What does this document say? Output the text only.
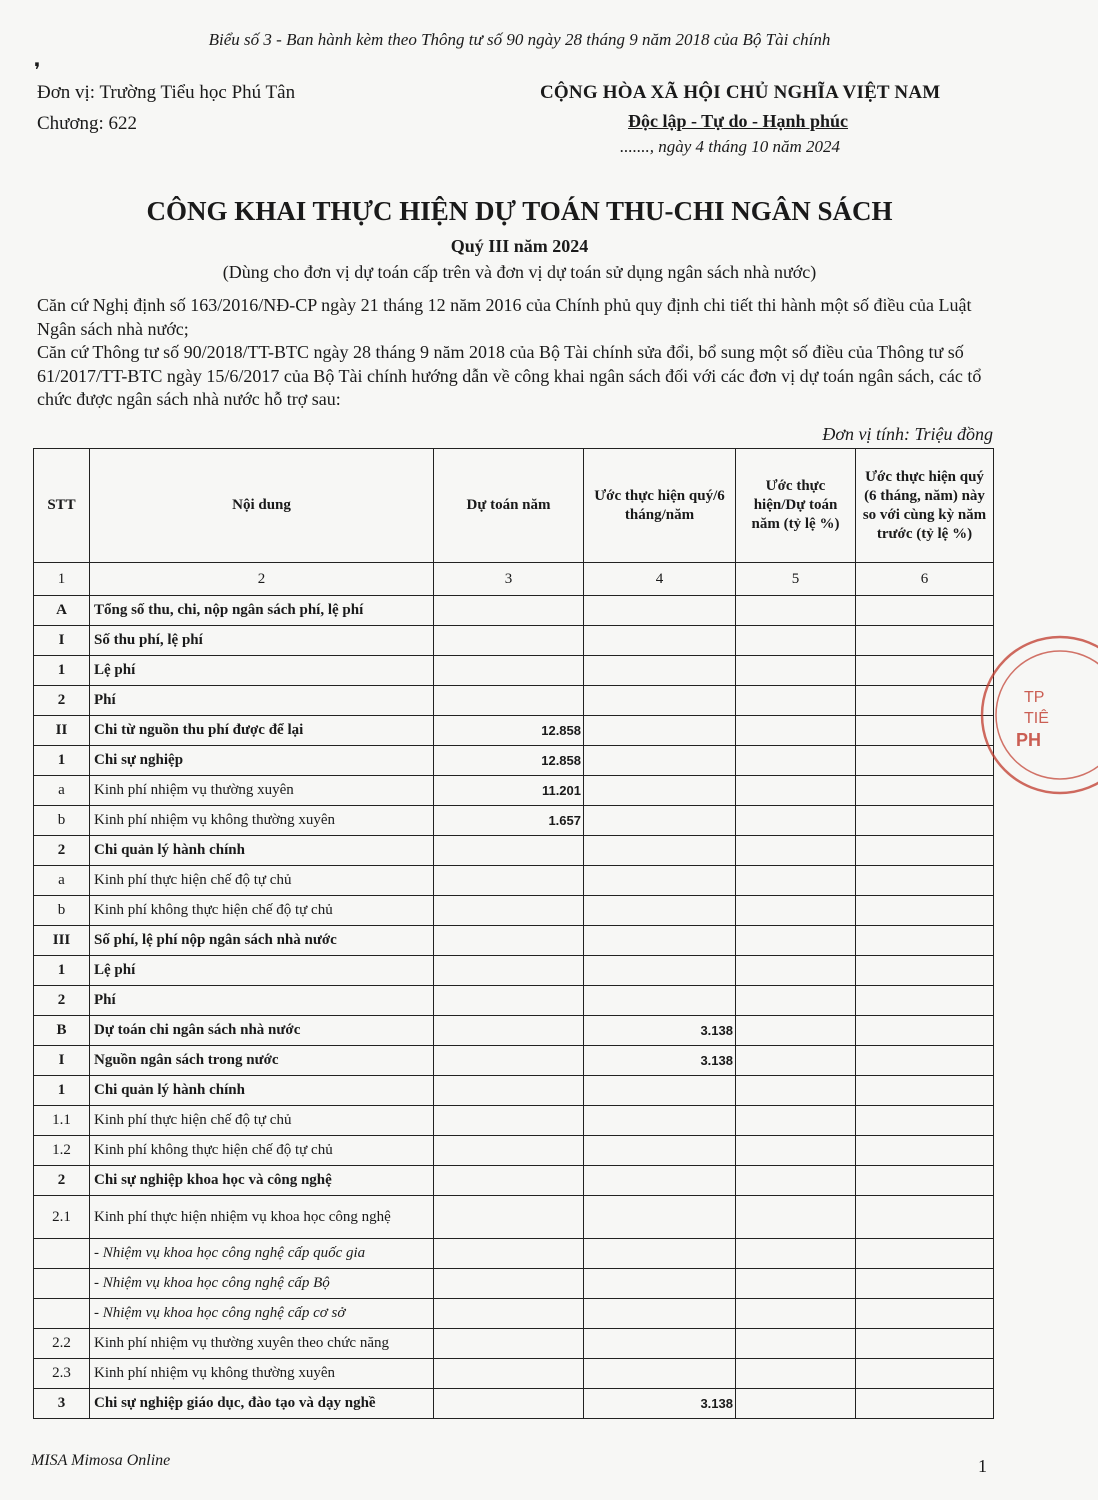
Biểu số 3 - Ban hành kèm theo Thông tư số 90 ngày 28 tháng 9 năm 2018 của Bộ Tài chính
❜
Đơn vị: Trường Tiểu học Phú Tân
Chương: 622
CỘNG HÒA XÃ HỘI CHỦ NGHĨA VIỆT NAM
Độc lập - Tự do - Hạnh phúc
......., ngày 4 tháng 10 năm 2024
CÔNG KHAI THỰC HIỆN DỰ TOÁN THU-CHI NGÂN SÁCH
Quý III năm 2024
(Dùng cho đơn vị dự toán cấp trên và đơn vị dự toán sử dụng ngân sách nhà nước)

Căn cứ Nghị định số 163/2016/NĐ-CP ngày 21 tháng 12 năm 2016 của Chính phủ quy định chi tiết thi hành một số điều của Luật Ngân sách nhà nước;

Căn cứ Thông tư số 90/2018/TT-BTC ngày 28 tháng 9 năm 2018 của Bộ Tài chính sửa đổi, bổ sung một số điều của Thông tư số 61/2017/TT-BTC ngày 15/6/2017 của Bộ Tài chính hướng dẫn về công khai ngân sách đối với các đơn vị dự toán ngân sách, các tổ chức được ngân sách nhà nước hỗ trợ sau:

Đơn vị tính: Triệu đồng
STT	Nội dung	Dự toán năm	Ước thực hiện quý/6 tháng/năm	Ước thực hiện/Dự toán năm (tỷ lệ %)	Ước thực hiện quý (6 tháng, năm) này so với cùng kỳ năm trước (tỷ lệ %)
1	2	3	4	5	6
A	Tổng số thu, chi, nộp ngân sách phí, lệ phí				
I	Số thu phí, lệ phí				
1	Lệ phí				
2	Phí				
II	Chi từ nguồn thu phí được để lại	12.858			
1	Chi sự nghiệp	12.858			
a	Kinh phí nhiệm vụ thường xuyên	11.201			
b	Kinh phí nhiệm vụ không thường xuyên	1.657			
2	Chi quản lý hành chính				
a	Kinh phí thực hiện chế độ tự chủ				
b	Kinh phí không thực hiện chế độ tự chủ				
III	Số phí, lệ phí nộp ngân sách nhà nước				
1	Lệ phí				
2	Phí				
B	Dự toán chi ngân sách nhà nước		3.138		
I	Nguồn ngân sách trong nước		3.138		
1	Chi quản lý hành chính				
1.1	Kinh phí thực hiện chế độ tự chủ				
1.2	Kinh phí không thực hiện chế độ tự chủ				
2	Chi sự nghiệp khoa học và công nghệ				
2.1	Kinh phí thực hiện nhiệm vụ khoa học công nghệ				
	- Nhiệm vụ khoa học công nghệ cấp quốc gia				
	- Nhiệm vụ khoa học công nghệ cấp Bộ				
	- Nhiệm vụ khoa học công nghệ cấp cơ sở				
2.2	Kinh phí nhiệm vụ thường xuyên theo chức năng				
2.3	Kinh phí nhiệm vụ không thường xuyên				
3	Chi sự nghiệp giáo dục, đào tạo và dạy nghề		3.138		
TP
TIÊ
PH
MISA Mimosa Online	1
